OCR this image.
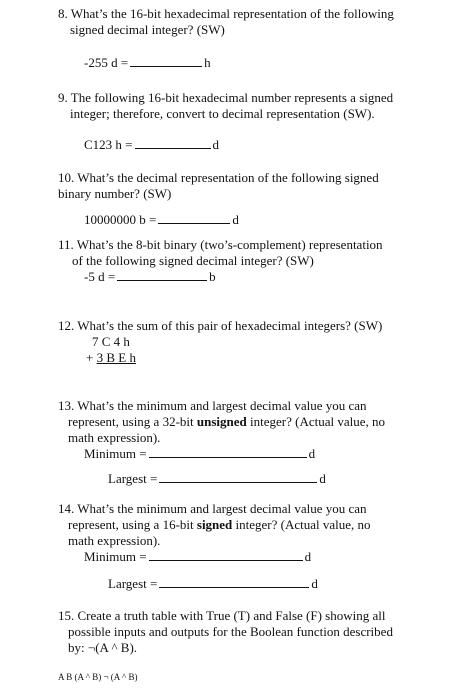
8. What’s the 16-bit hexadecimal representation of the following
signed decimal integer? (SW)
-255 d =	h
9. The following 16-bit hexadecimal number represents a signed
integer; therefore, convert to decimal representation (SW).
C123 h =	d
10. What’s the decimal representation of the following signed
binary number? (SW)
10000000 b =	d
11. What’s the 8-bit binary (two’s-complement) representation
of the following signed decimal integer? (SW)
-5 d =	b
12. What’s the sum of this pair of hexadecimal integers? (SW)
7 C 4 h
+ 3 B E h
13. What’s the minimum and largest decimal value you can
represent, using a 32-bit unsigned integer? (Actual value, no
math expression).
Minimum =	d
Largest =	d
14. What’s the minimum and largest decimal value you can
represent, using a 16-bit signed integer? (Actual value, no
math expression).
Minimum =	d
Largest =	d
15. Create a truth table with True (T) and False (F) showing all
possible inputs and outputs for the Boolean function described
by: ¬(A ^ B).
A B (A ^ B) ¬ (A ^ B)
